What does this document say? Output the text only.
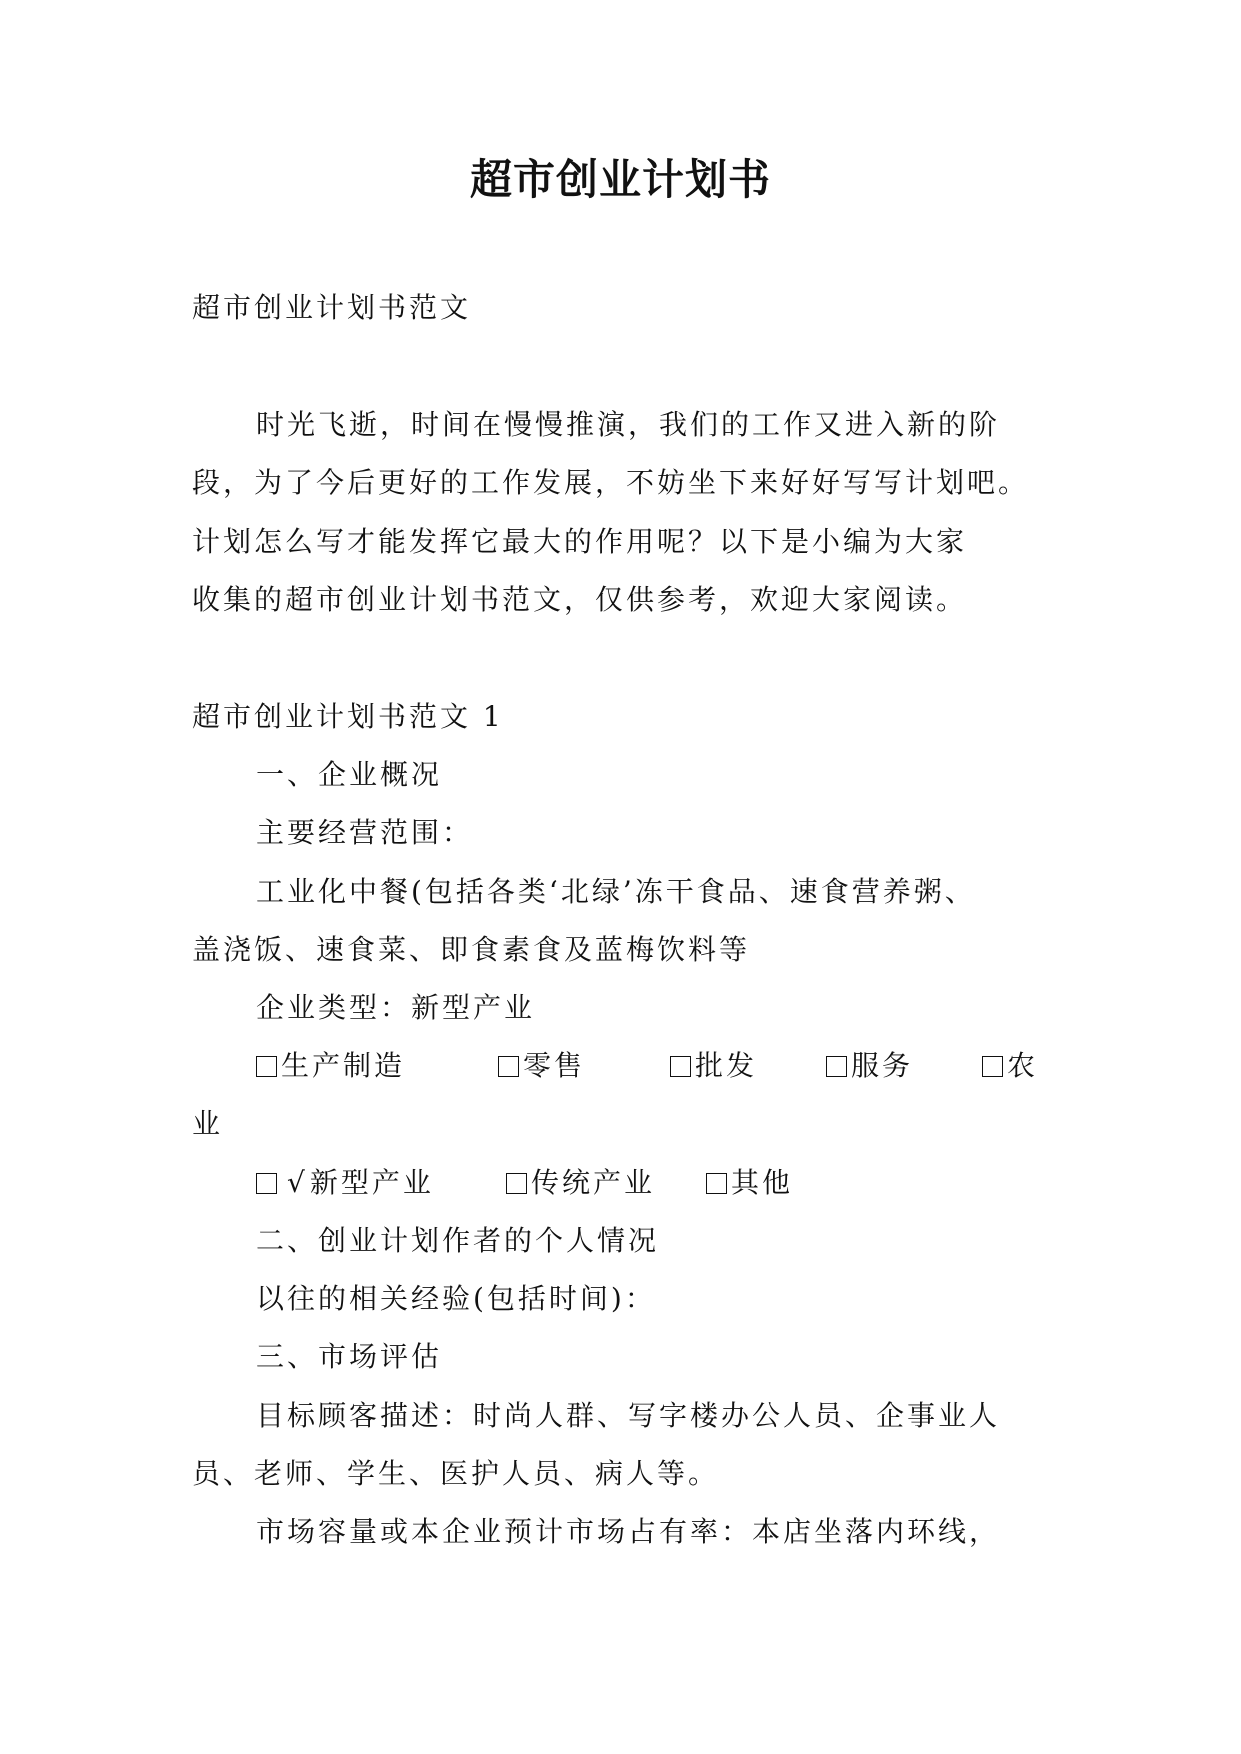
超市创业计划书
超市创业计划书范文
时光飞逝，时间在慢慢推演，我们的工作又进入新的阶
段，为了今后更好的工作发展，不妨坐下来好好写写计划吧。
计划怎么写才能发挥它最大的作用呢？以下是小编为大家
收集的超市创业计划书范文，仅供参考，欢迎大家阅读。
超市创业计划书范文 1
一、企业概况
主要经营范围：
工业化中餐(包括各类‘北绿’冻干食品、速食营养粥、
盖浇饭、速食菜、即食素食及蓝梅饮料等
企业类型：新型产业
生产制造	零售	批发	服务	农
业
√新型产业	传统产业	其他
二、创业计划作者的个人情况
以往的相关经验(包括时间)：
三、市场评估
目标顾客描述：时尚人群、写字楼办公人员、企事业人
员、老师、学生、医护人员、病人等。
市场容量或本企业预计市场占有率：本店坐落内环线，
